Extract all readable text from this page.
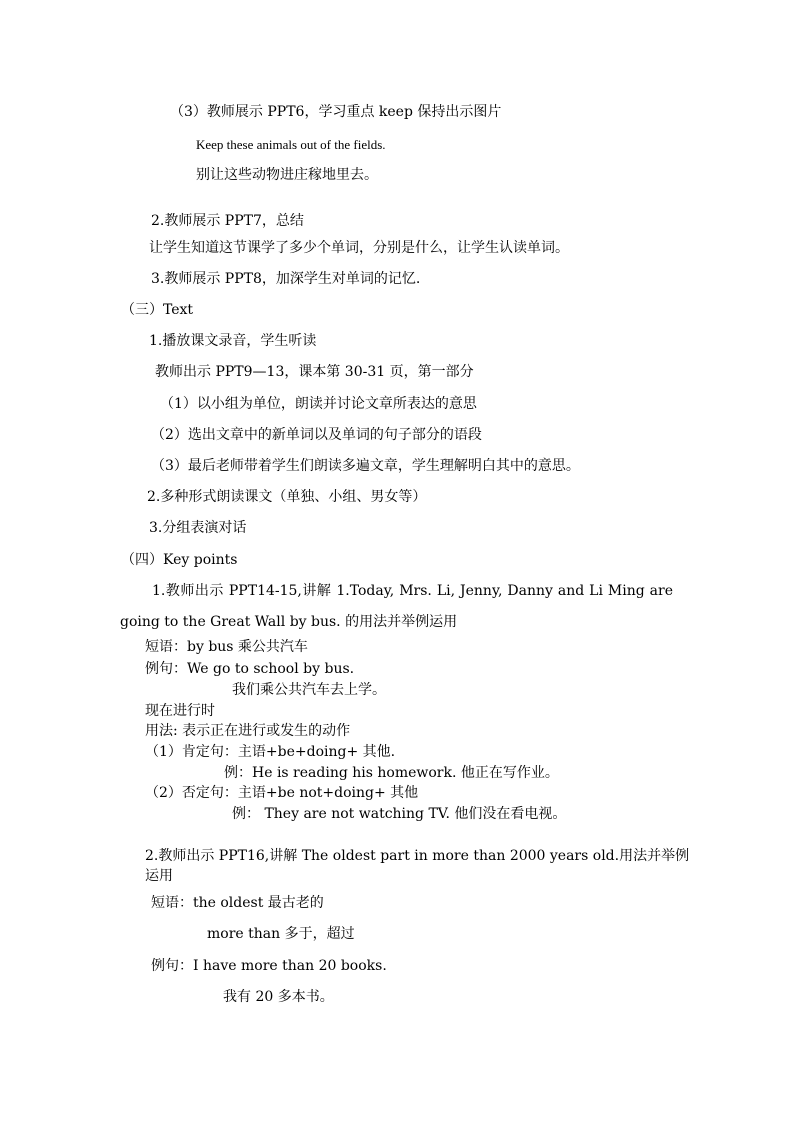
（3）教师展示 PPT6，学习重点 keep 保持出示图片
Keep these animals out of the fields.
别让这些动物进庄稼地里去。
2.教师展示 PPT7，总结
让学生知道这节课学了多少个单词，分别是什么，让学生认读单词。
3.教师展示 PPT8，加深学生对单词的记忆.
（三）Text
1.播放课文录音，学生听读
教师出示 PPT9—13，课本第 30-31 页，第一部分
（1）以小组为单位，朗读并讨论文章所表达的意思
（2）选出文章中的新单词以及单词的句子部分的语段
（3）最后老师带着学生们朗读多遍文章，学生理解明白其中的意思。
2.多种形式朗读课文（单独、小组、男女等）
3.分组表演对话
（四）Key points
1.教师出示 PPT14-15,讲解 1.Today, Mrs. Li, Jenny, Danny and Li Ming are
going to the Great Wall by bus. 的用法并举例运用
短语：by bus 乘公共汽车
例句：We go to school by bus.
我们乘公共汽车去上学。
现在进行时
用法: 表示正在进行或发生的动作
（1）肯定句：主语+be+doing+ 其他.
例：He is reading his homework. 他正在写作业。
（2）否定句：主语+be not+doing+ 其他
例： They are not watching TV. 他们没在看电视。
2.教师出示 PPT16,讲解 The oldest part in more than 2000 years old.用法并举例
运用
短语：the oldest 最古老的
more than 多于，超过
例句：I have more than 20 books.
我有 20 多本书。
